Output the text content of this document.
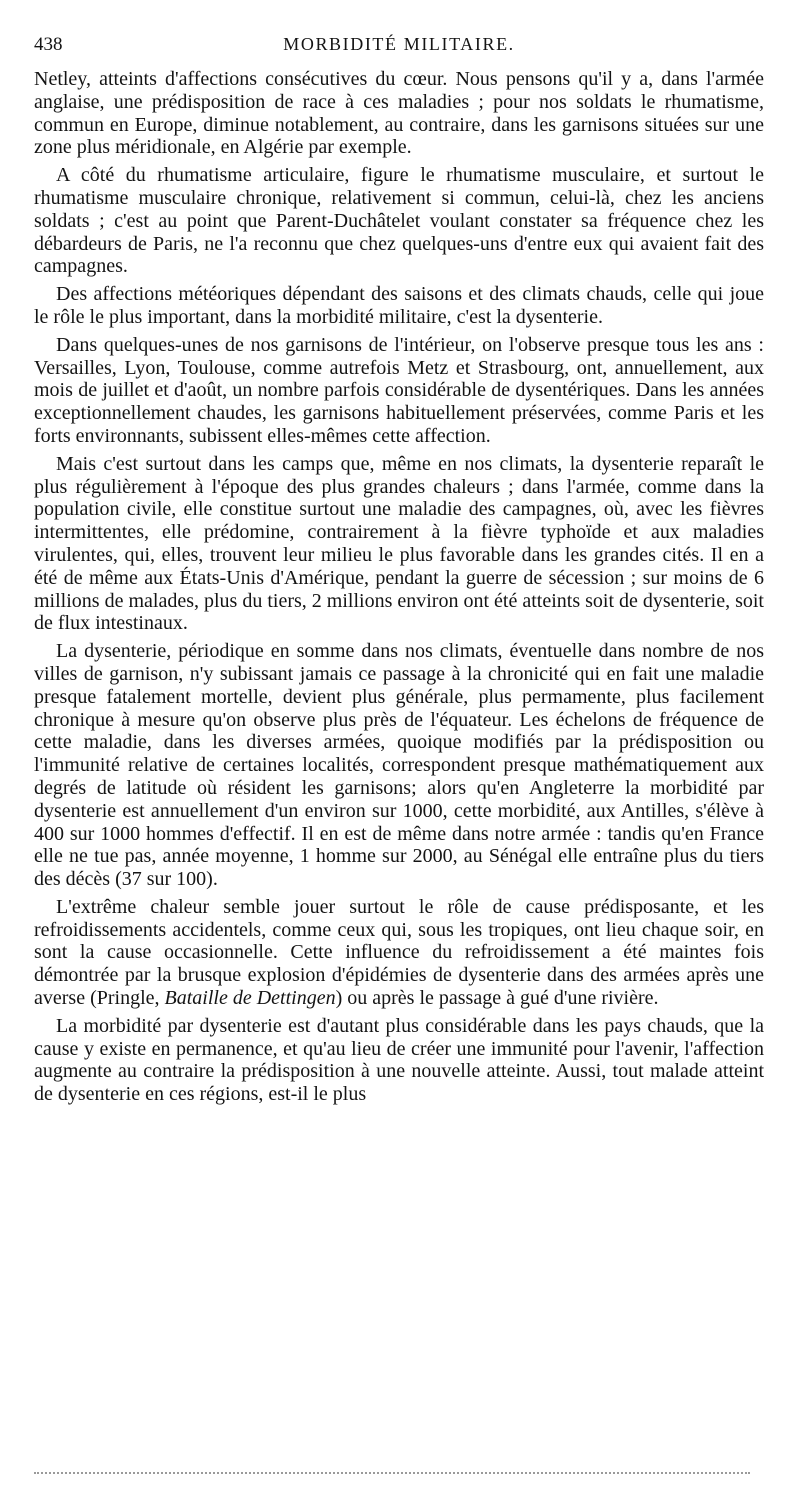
438	MORBIDITÉ MILITAIRE.

Netley, atteints d'affections consécutives du cœur. Nous pensons qu'il y a, dans l'armée anglaise, une prédisposition de race à ces maladies ; pour nos soldats le rhumatisme, commun en Europe, diminue notablement, au contraire, dans les garnisons situées sur une zone plus méridionale, en Algérie par exemple.

A côté du rhumatisme articulaire, figure le rhumatisme musculaire, et surtout le rhumatisme musculaire chronique, relativement si commun, celui-là, chez les anciens soldats ; c'est au point que Parent-Duchâtelet voulant constater sa fréquence chez les débardeurs de Paris, ne l'a reconnu que chez quelques-uns d'entre eux qui avaient fait des campagnes.

Des affections météoriques dépendant des saisons et des climats chauds, celle qui joue le rôle le plus important, dans la morbidité militaire, c'est la dysenterie.

Dans quelques-unes de nos garnisons de l'intérieur, on l'observe presque tous les ans : Versailles, Lyon, Toulouse, comme autrefois Metz et Strasbourg, ont, annuellement, aux mois de juillet et d'août, un nombre parfois considérable de dysentériques. Dans les années exceptionnellement chaudes, les garnisons habituellement préservées, comme Paris et les forts environnants, subissent elles-mêmes cette affection.

Mais c'est surtout dans les camps que, même en nos climats, la dysenterie reparaît le plus régulièrement à l'époque des plus grandes chaleurs ; dans l'armée, comme dans la population civile, elle constitue surtout une maladie des campagnes, où, avec les fièvres intermittentes, elle prédomine, contrairement à la fièvre typhoïde et aux maladies virulentes, qui, elles, trouvent leur milieu le plus favorable dans les grandes cités. Il en a été de même aux États-Unis d'Amérique, pendant la guerre de sécession ; sur moins de 6 millions de malades, plus du tiers, 2 millions environ ont été atteints soit de dysenterie, soit de flux intestinaux.

La dysenterie, périodique en somme dans nos climats, éventuelle dans nombre de nos villes de garnison, n'y subissant jamais ce passage à la chronicité qui en fait une maladie presque fatalement mortelle, devient plus générale, plus permamente, plus facilement chronique à mesure qu'on observe plus près de l'équateur. Les échelons de fréquence de cette maladie, dans les diverses armées, quoique modifiés par la prédisposition ou l'immunité relative de certaines localités, correspondent presque mathématiquement aux degrés de latitude où résident les garnisons; alors qu'en Angleterre la morbidité par dysenterie est annuellement d'un environ sur 1000, cette morbidité, aux Antilles, s'élève à 400 sur 1000 hommes d'effectif. Il en est de même dans notre armée : tandis qu'en France elle ne tue pas, année moyenne, 1 homme sur 2000, au Sénégal elle entraîne plus du tiers des décès (37 sur 100).

L'extrême chaleur semble jouer surtout le rôle de cause prédisposante, et les refroidissements accidentels, comme ceux qui, sous les tropiques, ont lieu chaque soir, en sont la cause occasionnelle. Cette influence du refroidissement a été maintes fois démontrée par la brusque explosion d'épidémies de dysenterie dans des armées après une averse (Pringle, Bataille de Dettingen) ou après le passage à gué d'une rivière.

La morbidité par dysenterie est d'autant plus considérable dans les pays chauds, que la cause y existe en permanence, et qu'au lieu de créer une immunité pour l'avenir, l'affection augmente au contraire la prédisposition à une nouvelle atteinte. Aussi, tout malade atteint de dysenterie en ces régions, est-il le plus
